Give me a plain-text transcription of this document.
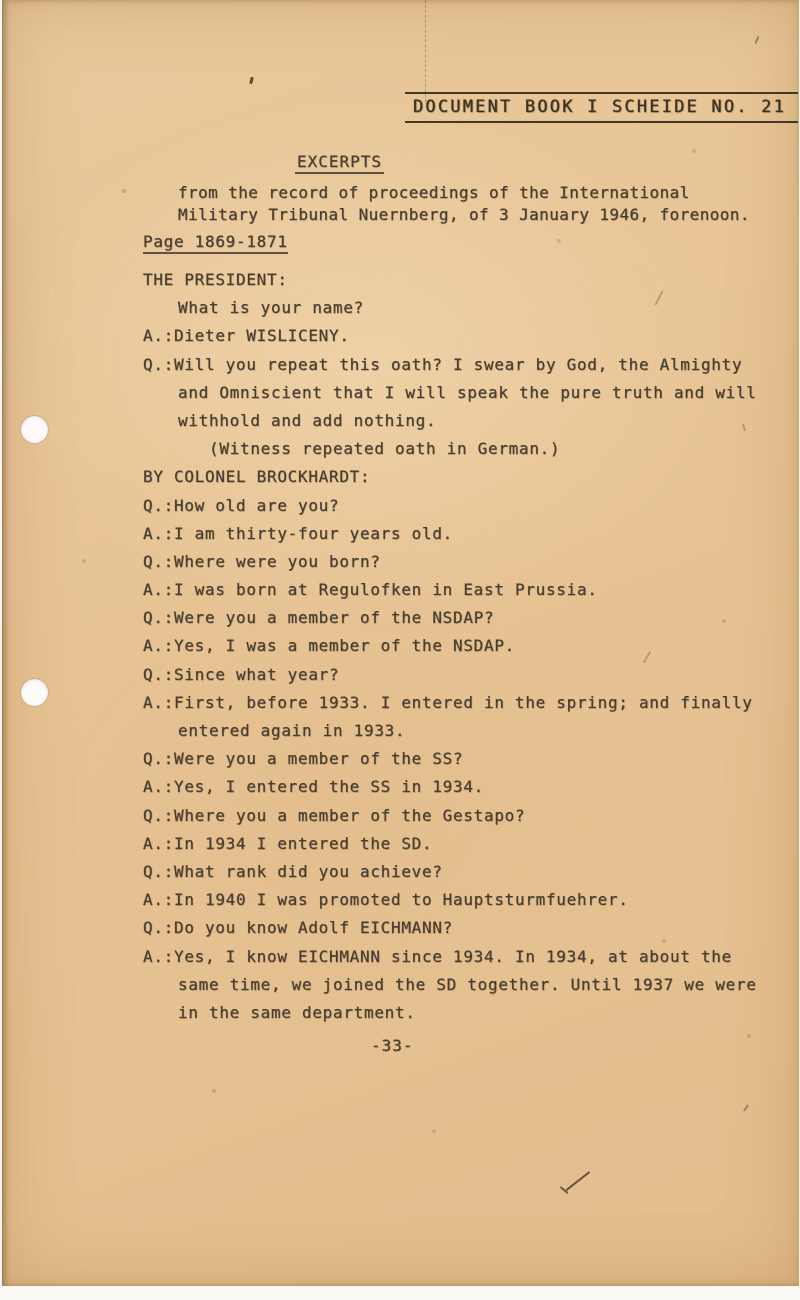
DOCUMENT BOOK I SCHEIDE NO. 21
EXCERPTS
from the record of proceedings of the International
Military Tribunal Nuernberg, of 3 January 1946, forenoon.
Page 1869-1871
THE PRESIDENT:
What is your name?
A.:Dieter WISLICENY.
Q.:Will you repeat this oath? I swear by God, the Almighty
and Omniscient that I will speak the pure truth and will
withhold and add nothing.
(Witness repeated oath in German.)
BY COLONEL BROCKHARDT:
Q.:How old are you?
A.:I am thirty-four years old.
Q.:Where were you born?
A.:I was born at Regulofken in East Prussia.
Q.:Were you a member of the NSDAP?
A.:Yes, I was a member of the NSDAP.
Q.:Since what year?
A.:First, before 1933. I entered in the spring; and finally
entered again in 1933.
Q.:Were you a member of the SS?
A.:Yes, I entered the SS in 1934.
Q.:Where you a member of the Gestapo?
A.:In 1934 I entered the SD.
Q.:What rank did you achieve?
A.:In 1940 I was promoted to Hauptsturmfuehrer.
Q.:Do you know Adolf EICHMANN?
A.:Yes, I know EICHMANN since 1934. In 1934, at about the
same time, we joined the SD together. Until 1937 we were
in the same department.
-33-
